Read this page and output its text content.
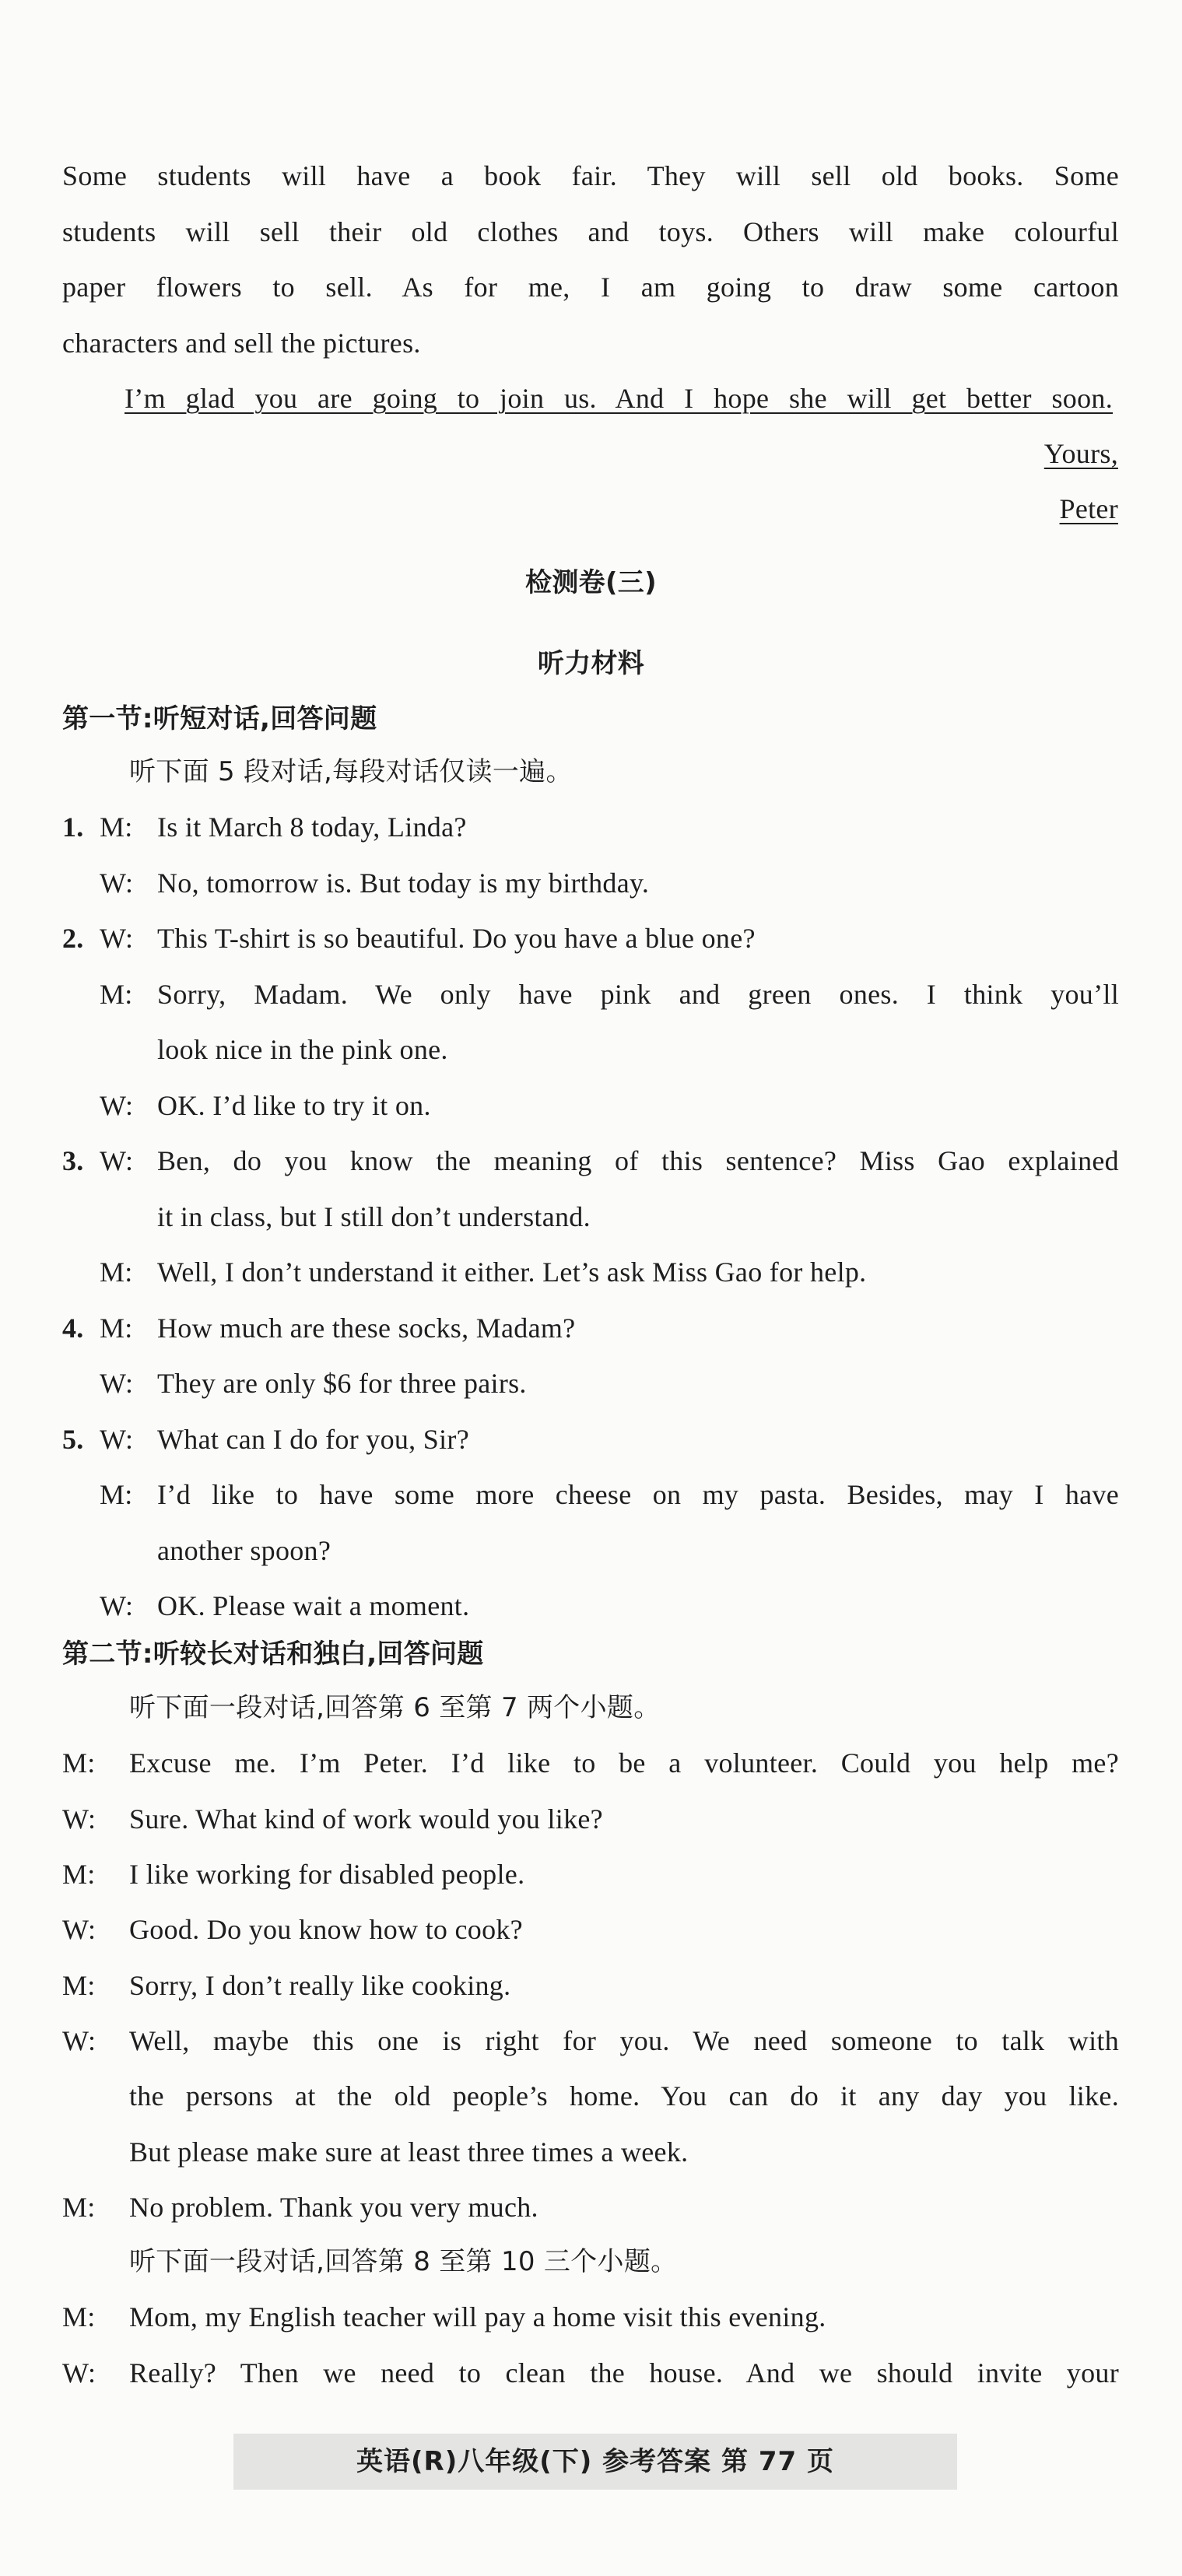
Some students will have a book fair. They will sell old books. Some
students will sell their old clothes and toys. Others will make colourful
paper flowers to sell. As for me, I am going to draw some cartoon
characters and sell the pictures.
I’m glad you are going to join us. And I hope she will get better soon.
Yours,
Peter
检测卷(三)
听力材料
第一节:听短对话,回答问题
听下面 5 段对话,每段对话仅读一遍。
1. M: Is it March 8 today, Linda?
W: No, tomorrow is. But today is my birthday.
2. W: This T-shirt is so beautiful. Do you have a blue one?
M: Sorry, Madam. We only have pink and green ones. I think you’ll
look nice in the pink one.
W: OK. I’d like to try it on.
3. W: Ben, do you know the meaning of this sentence? Miss Gao explained
it in class, but I still don’t understand.
M: Well, I don’t understand it either. Let’s ask Miss Gao for help.
4. M: How much are these socks, Madam?
W: They are only $6 for three pairs.
5. W: What can I do for you, Sir?
M: I’d like to have some more cheese on my pasta. Besides, may I have
another spoon?
W: OK. Please wait a moment.
第二节:听较长对话和独白,回答问题
听下面一段对话,回答第 6 至第 7 两个小题。
M: Excuse me. I’m Peter. I’d like to be a volunteer. Could you help me?
W: Sure. What kind of work would you like?
M: I like working for disabled people.
W: Good. Do you know how to cook?
M: Sorry, I don’t really like cooking.
W: Well, maybe this one is right for you. We need someone to talk with
the persons at the old people’s home. You can do it any day you like.
But please make sure at least three times a week.
M: No problem. Thank you very much.
听下面一段对话,回答第 8 至第 10 三个小题。
M: Mom, my English teacher will pay a home visit this evening.
W: Really? Then we need to clean the house. And we should invite your
英语(R)八年级(下) 参考答案 第 77 页
